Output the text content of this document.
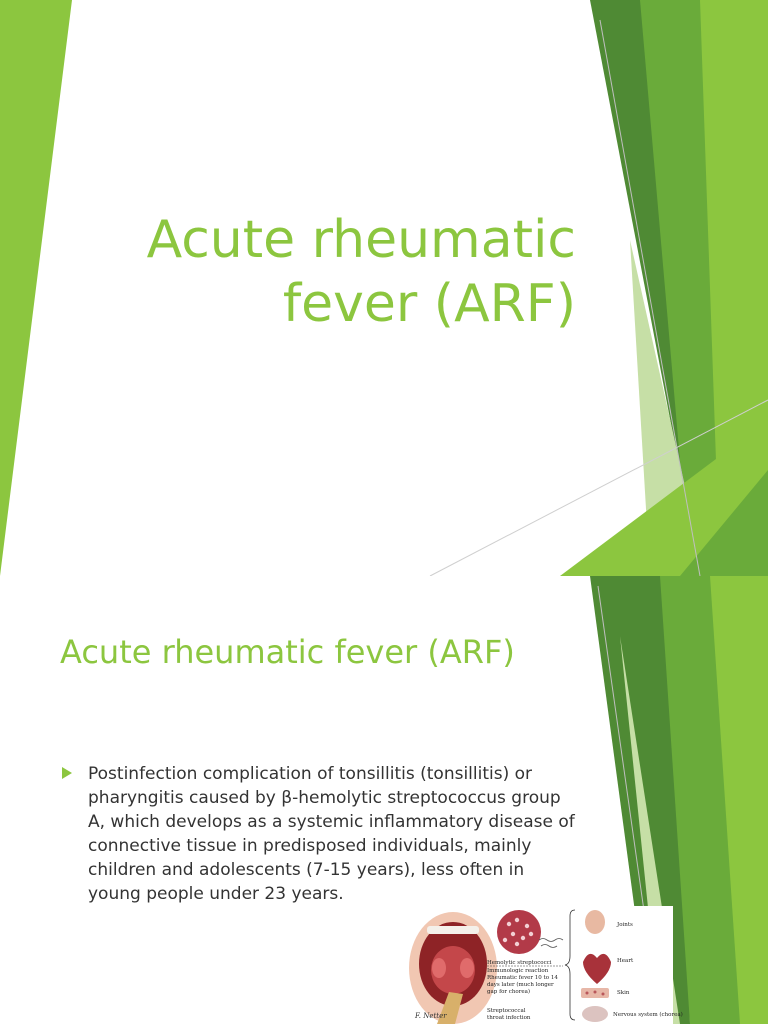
Acute rheumatic
fever (ARF)
Acute rheumatic fever (ARF)
Postinfection complication of tonsillitis (tonsillitis) or pharyngitis caused by β-hemolytic streptococcus group A, which develops as a systemic inflammatory disease of connective tissue in predisposed individuals, mainly children and adolescents (7-15 years), less often in young people under 23 years.
F. Netter
Hemolytic streptococci
Immunologic reaction
Rheumatic fever 10 to 14
days later (much longer
gap for chorea)
Streptococcal
throat infection
Joints
Heart
Skin
Nervous system (chorea)
